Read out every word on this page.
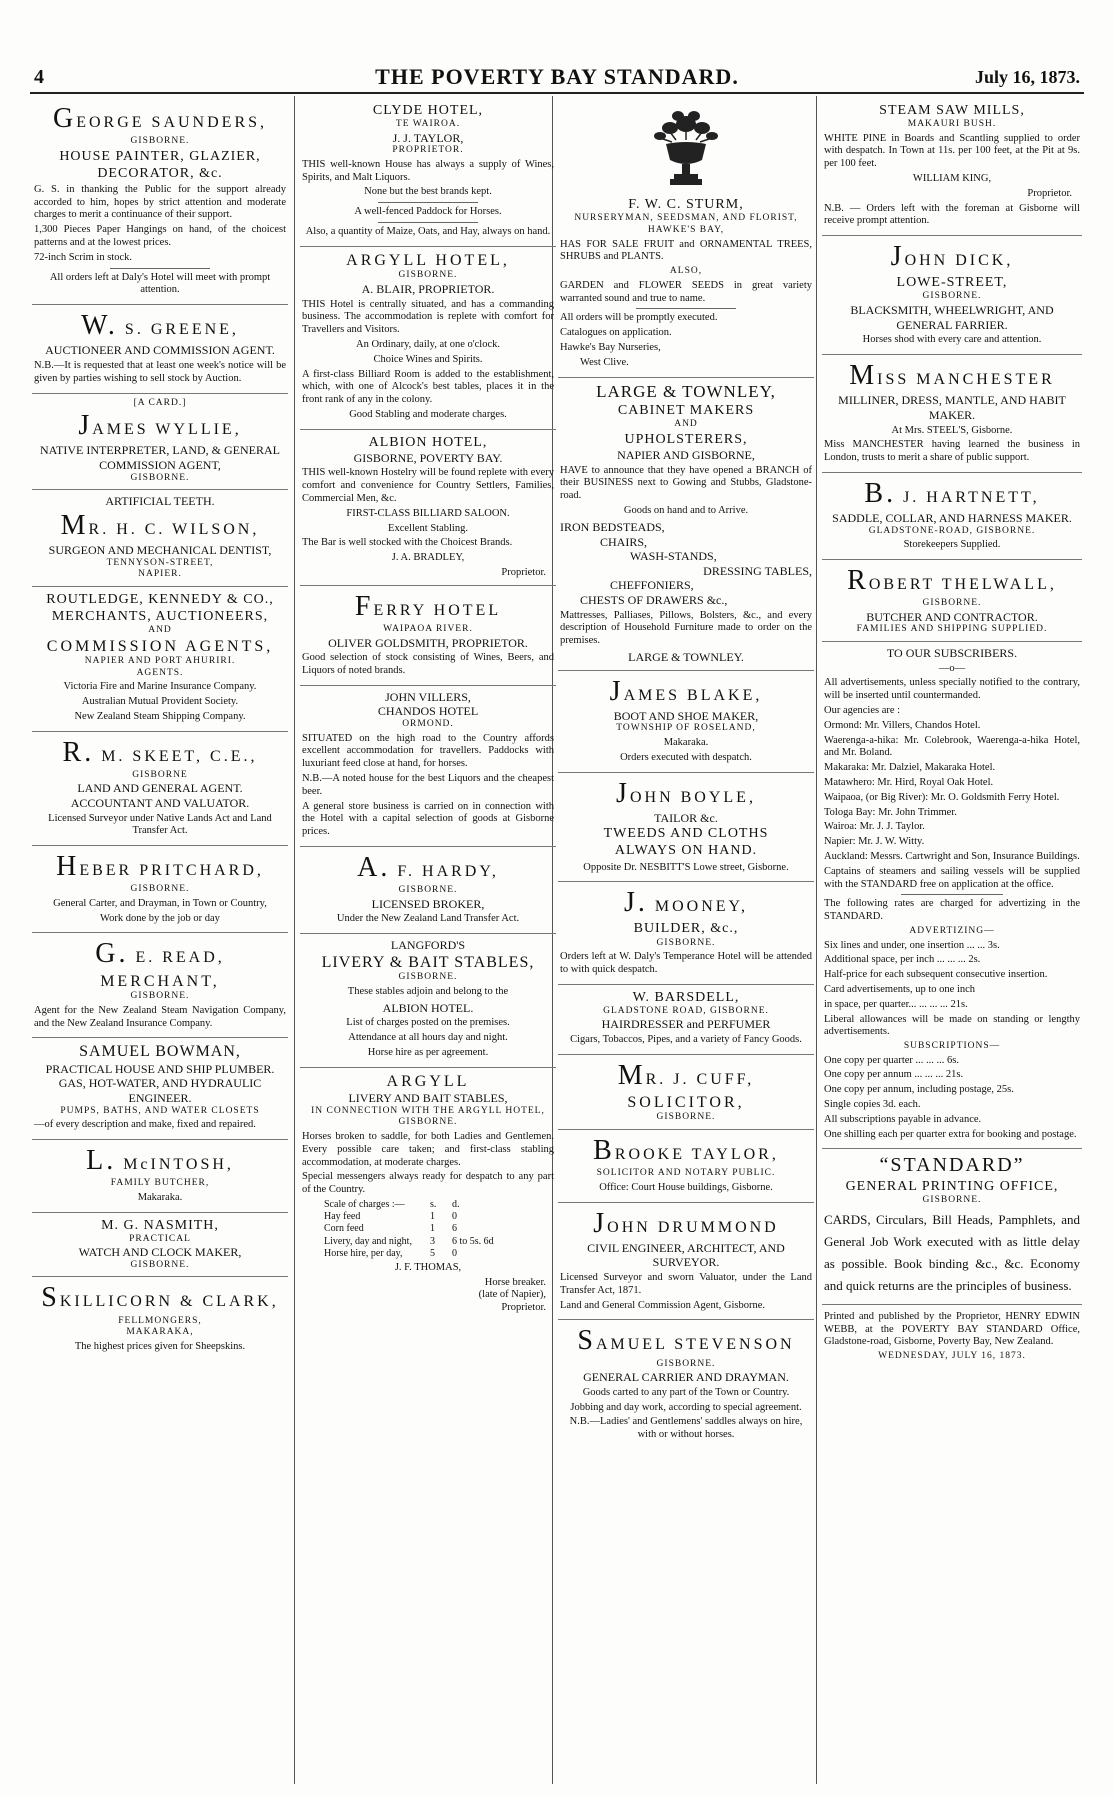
4	THE POVERTY BAY STANDARD.	July 16, 1873.
GEORGE SAUNDERS,
GISBORNE.
HOUSE PAINTER, GLAZIER,
DECORATOR, &c.
G. S. in thanking the Public for the support already accorded to him, hopes by strict attention and moderate charges to merit a continuance of their support.
1,300 Pieces Paper Hangings on hand, of the choicest patterns and at the lowest prices.
72-inch Scrim in stock.
All orders left at Daly's Hotel will meet with prompt attention.
W. S. GREENE,
AUCTIONEER AND COMMISSION AGENT.
N.B.—It is requested that at least one week's notice will be given by parties wishing to sell stock by Auction.
[A CARD.]
JAMES WYLLIE,
NATIVE INTERPRETER, LAND, & GENERAL COMMISSION AGENT,
GISBORNE.
ARTIFICIAL TEETH.
MR. H. C. WILSON,
SURGEON AND MECHANICAL DENTIST,
TENNYSON-STREET,
NAPIER.
ROUTLEDGE, KENNEDY & CO.,
MERCHANTS, AUCTIONEERS,
AND
COMMISSION AGENTS,
NAPIER AND PORT AHURIRI.
AGENTS.
Victoria Fire and Marine Insurance Company.
Australian Mutual Provident Society.
New Zealand Steam Shipping Company.
R. M. SKEET, C.E.,
GISBORNE
LAND AND GENERAL AGENT.
ACCOUNTANT AND VALUATOR.
Licensed Surveyor under Native Lands Act and Land Transfer Act.
HEBER PRITCHARD,
GISBORNE.
General Carter, and Drayman, in Town or Country,
Work done by the job or day
G. E. READ,
MERCHANT,
GISBORNE.
Agent for the New Zealand Steam Navigation Company, and the New Zealand Insurance Company.
SAMUEL BOWMAN,
PRACTICAL HOUSE AND SHIP PLUMBER.
GAS, HOT-WATER, AND HYDRAULIC ENGINEER.
PUMPS, BATHS, AND WATER CLOSETS
—of every description and make, fixed and repaired.
L. McINTOSH,
FAMILY BUTCHER,
Makaraka.
M. G. NASMITH,
PRACTICAL
WATCH AND CLOCK MAKER,
GISBORNE.
SKILLICORN & CLARK,
FELLMONGERS,
MAKARAKA,
The highest prices given for Sheepskins.
CLYDE HOTEL,
TE WAIROA.
J. J. TAYLOR,
PROPRIETOR.
THIS well-known House has always a supply of Wines, Spirits, and Malt Liquors.
None but the best brands kept.
A well-fenced Paddock for Horses.
Also, a quantity of Maize, Oats, and Hay, always on hand.
ARGYLL HOTEL,
GISBORNE.
A. BLAIR, PROPRIETOR.
THIS Hotel is centrally situated, and has a commanding business. The accommodation is replete with comfort for Travellers and Visitors.
An Ordinary, daily, at one o'clock.
Choice Wines and Spirits.
A first-class Billiard Room is added to the establishment, which, with one of Alcock's best tables, places it in the front rank of any in the colony.
Good Stabling and moderate charges.
ALBION HOTEL,
GISBORNE, POVERTY BAY.
THIS well-known Hostelry will be found replete with every comfort and convenience for Country Settlers, Families, Commercial Men, &c.
FIRST-CLASS BILLIARD SALOON.
Excellent Stabling.
The Bar is well stocked with the Choicest Brands.
J. A. BRADLEY,
Proprietor.
FERRY HOTEL
WAIPAOA RIVER.
OLIVER GOLDSMITH, PROPRIETOR.
Good selection of stock consisting of Wines, Beers, and Liquors of noted brands.
JOHN VILLERS,
CHANDOS HOTEL
ORMOND.
SITUATED on the high road to the Country affords excellent accommodation for travellers. Paddocks with luxuriant feed close at hand, for horses.
N.B.—A noted house for the best Liquors and the cheapest beer.
A general store business is carried on in connection with the Hotel with a capital selection of goods at Gisborne prices.
A. F. HARDY,
GISBORNE.
LICENSED BROKER,
Under the New Zealand Land Transfer Act.
LANGFORD'S
LIVERY & BAIT STABLES,
GISBORNE.
These stables adjoin and belong to the
ALBION HOTEL.
List of charges posted on the premises.
Attendance at all hours day and night.
Horse hire as per agreement.
ARGYLL
LIVERY AND BAIT STABLES,
IN CONNECTION WITH THE ARGYLL HOTEL,
GISBORNE.
Horses broken to saddle, for both Ladies and Gentlemen. Every possible care taken; and first-class stabling accommodation, at moderate charges.
Special messengers always ready for despatch to any part of the Country.
Scale of charges :—	s.	d.
Hay feed	1	0
Corn feed	1	6
Livery, day and night,	3	6 to 5s. 6d
Horse hire, per day,	5	0
J. F. THOMAS,
Horse breaker.
(late of Napier),
Proprietor.
F. W. C. STURM,
NURSERYMAN, SEEDSMAN, AND FLORIST,
HAWKE'S BAY,
HAS FOR SALE FRUIT and ORNAMENTAL TREES, SHRUBS and PLANTS.
ALSO,
GARDEN and FLOWER SEEDS in great variety warranted sound and true to name.
All orders will be promptly executed.
Catalogues on application.
Hawke's Bay Nurseries,
West Clive.
LARGE & TOWNLEY,
CABINET MAKERS
AND
UPHOLSTERERS,
NAPIER AND GISBORNE,
HAVE to announce that they have opened a BRANCH of their BUSINESS next to Gowing and Stubbs, Gladstone-road.
Goods on hand and to Arrive.
IRON BEDSTEADS,
CHAIRS,
WASH-STANDS,
DRESSING TABLES,
CHEFFONIERS,
CHESTS OF DRAWERS &c.,
Mattresses, Palliases, Pillows, Bolsters, &c., and every description of Household Furniture made to order on the premises.
LARGE & TOWNLEY.
JAMES BLAKE,
BOOT AND SHOE MAKER,
TOWNSHIP OF ROSELAND,
Makaraka.
Orders executed with despatch.
JOHN BOYLE,
TAILOR &c.
TWEEDS AND CLOTHS
ALWAYS ON HAND.
Opposite Dr. NESBITT'S Lowe street, Gisborne.
J. MOONEY,
BUILDER, &c.,
GISBORNE.
Orders left at W. Daly's Temperance Hotel will be attended to with quick despatch.
W. BARSDELL,
GLADSTONE ROAD, GISBORNE.
HAIRDRESSER and PERFUMER
Cigars, Tobaccos, Pipes, and a variety of Fancy Goods.
MR. J. CUFF,
SOLICITOR,
GISBORNE.
BROOKE TAYLOR,
SOLICITOR AND NOTARY PUBLIC.
Office: Court House buildings, Gisborne.
JOHN DRUMMOND
CIVIL ENGINEER, ARCHITECT, AND SURVEYOR.
Licensed Surveyor and sworn Valuator, under the Land Transfer Act, 1871.
Land and General Commission Agent, Gisborne.
SAMUEL STEVENSON
GISBORNE.
GENERAL CARRIER AND DRAYMAN.
Goods carted to any part of the Town or Country.
Jobbing and day work, according to special agreement.
N.B.—Ladies' and Gentlemens' saddles always on hire, with or without horses.
STEAM SAW MILLS,
MAKAURI BUSH.
WHITE PINE in Boards and Scantling supplied to order with despatch. In Town at 11s. per 100 feet, at the Pit at 9s. per 100 feet.
WILLIAM KING,
Proprietor.
N.B. — Orders left with the foreman at Gisborne will receive prompt attention.
JOHN DICK,
LOWE-STREET,
GISBORNE.
BLACKSMITH, WHEELWRIGHT, AND GENERAL FARRIER.
Horses shod with every care and attention.
MISS MANCHESTER
MILLINER, DRESS, MANTLE, AND HABIT MAKER.
At Mrs. STEEL'S, Gisborne.
Miss MANCHESTER having learned the business in London, trusts to merit a share of public support.
B. J. HARTNETT,
SADDLE, COLLAR, AND HARNESS MAKER.
GLADSTONE-ROAD, GISBORNE.
Storekeepers Supplied.
ROBERT THELWALL,
GISBORNE.
BUTCHER AND CONTRACTOR.
FAMILIES AND SHIPPING SUPPLIED.
TO OUR SUBSCRIBERS.
—o—
All advertisements, unless specially notified to the contrary, will be inserted until countermanded.
Our agencies are :
Ormond: Mr. Villers, Chandos Hotel.
Waerenga-a-hika: Mr. Colebrook, Waerenga-a-hika Hotel, and Mr. Boland.
Makaraka: Mr. Dalziel, Makaraka Hotel.
Matawhero: Mr. Hird, Royal Oak Hotel.
Waipaoa, (or Big River): Mr. O. Goldsmith Ferry Hotel.
Tologa Bay: Mr. John Trimmer.
Wairoa: Mr. J. J. Taylor.
Napier: Mr. J. W. Witty.
Auckland: Messrs. Cartwright and Son, Insurance Buildings.
Captains of steamers and sailing vessels will be supplied with the STANDARD free on application at the office.
The following rates are charged for advertizing in the STANDARD.
ADVERTIZING—
Six lines and under, one insertion ... ... 3s.
Additional space, per inch ... ... ... 2s.
Half-price for each subsequent consecutive insertion.
Card advertisements, up to one inch
in space, per quarter... ... ... ... 21s.
Liberal allowances will be made on standing or lengthy advertisements.
SUBSCRIPTIONS—
One copy per quarter ... ... ... 6s.
One copy per annum ... ... ... 21s.
One copy per annum, including postage, 25s.
Single copies 3d. each.
All subscriptions payable in advance.
One shilling each per quarter extra for booking and postage.
“STANDARD”
GENERAL PRINTING OFFICE,
GISBORNE.
CARDS, Circulars, Bill Heads, Pamphlets, and General Job Work executed with as little delay as possible. Book binding &c., &c. Economy and quick returns are the principles of business.
Printed and published by the Proprietor, HENRY EDWIN WEBB, at the POVERTY BAY STANDARD Office, Gladstone-road, Gisborne, Poverty Bay, New Zealand.
WEDNESDAY, JULY 16, 1873.
